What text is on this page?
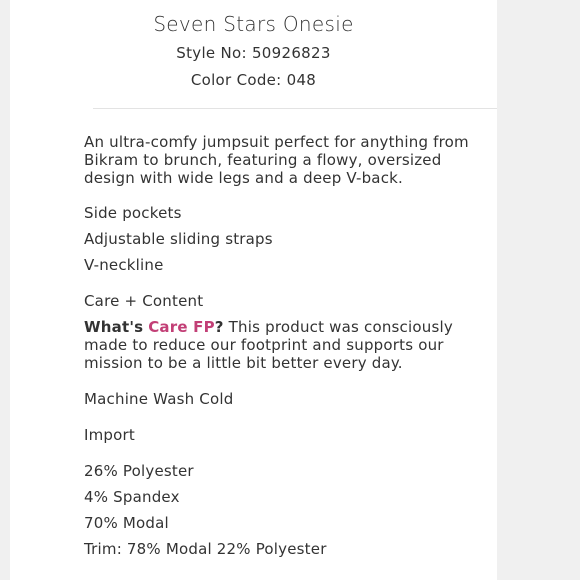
Seven Stars Onesie
Style No: 50926823
Color Code: 048

An ultra-comfy jumpsuit perfect for anything from Bikram to brunch, featuring a flowy, oversized design with wide legs and a deep V-back.

Side pockets

Adjustable sliding straps

V-neckline

Care + Content

What's Care FP? This product was consciously made to reduce our footprint and supports our mission to be a little bit better every day.

Machine Wash Cold

Import

26% Polyester

4% Spandex

70% Modal

Trim: 78% Modal 22% Polyester
